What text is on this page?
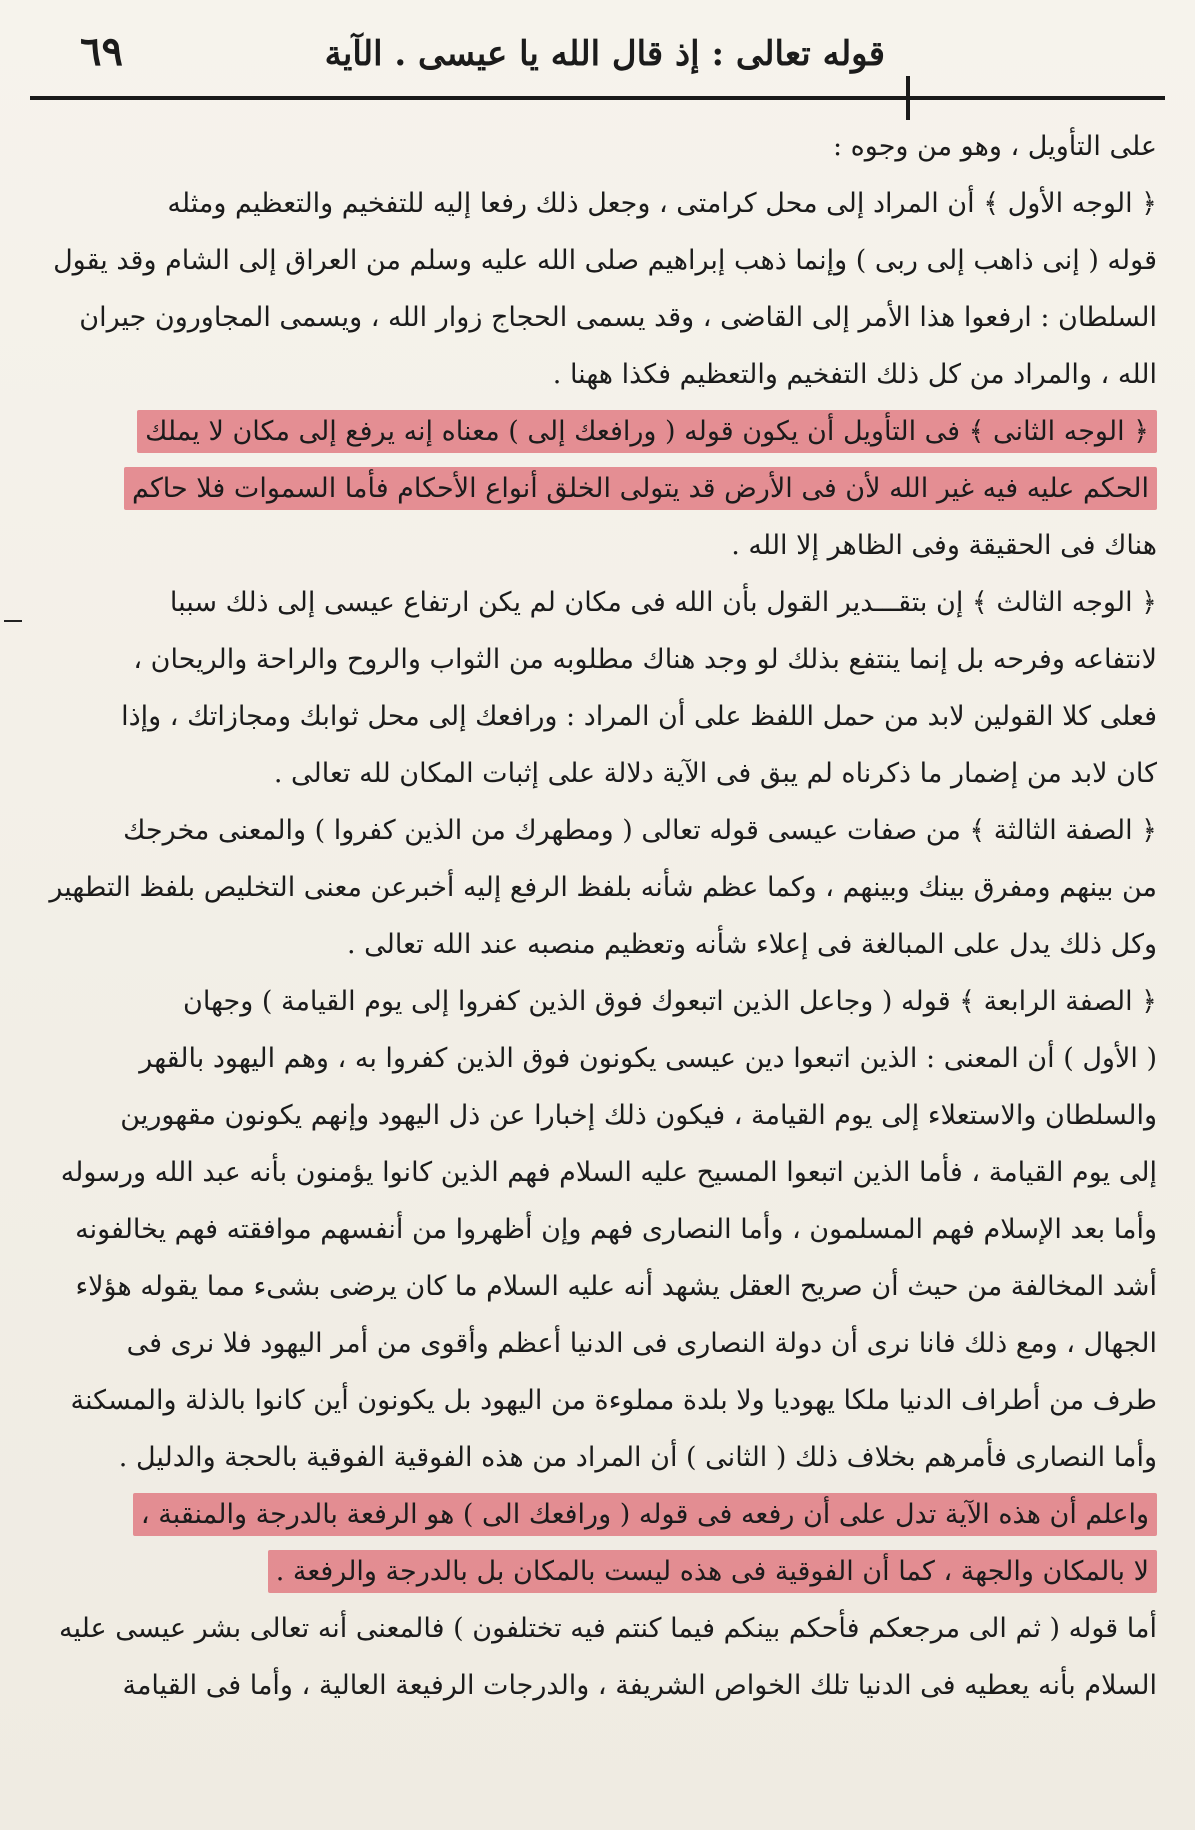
قوله تعالى : إذ قال الله يا عيسى . الآية
٦٩
على التأويل ، وهو من وجوه :
﴿ الوجه الأول ﴾ أن المراد إلى محل كرامتى ، وجعل ذلك رفعا إليه للتفخيم والتعظيم ومثله
قوله ( إنى ذاهب إلى ربى ) وإنما ذهب إبراهيم صلى الله عليه وسلم من العراق إلى الشام وقد يقول
السلطان : ارفعوا هذا الأمر إلى القاضى ، وقد يسمى الحجاج زوار الله ، ويسمى المجاورون جيران
الله ، والمراد من كل ذلك التفخيم والتعظيم فكذا ههنا .
﴿ الوجه الثانى ﴾ فى التأويل أن يكون قوله ( ورافعك إلى ) معناه إنه يرفع إلى مكان لا يملك
الحكم عليه فيه غير الله لأن فى الأرض قد يتولى الخلق أنواع الأحكام فأما السموات فلا حاكم
هناك فى الحقيقة وفى الظاهر إلا الله .
﴿ الوجه الثالث ﴾ إن بتقـــدير القول بأن الله فى مكان لم يكن ارتفاع عيسى إلى ذلك سببا
لانتفاعه وفرحه بل إنما ينتفع بذلك لو وجد هناك مطلوبه من الثواب والروح والراحة والريحان ،
فعلى كلا القولين لابد من حمل اللفظ على أن المراد : ورافعك إلى محل ثوابك ومجازاتك ، وإذا
كان لابد من إضمار ما ذكرناه لم يبق فى الآية دلالة على إثبات المكان لله تعالى .
﴿ الصفة الثالثة ﴾ من صفات عيسى قوله تعالى ( ومطهرك من الذين كفروا ) والمعنى مخرجك
من بينهم ومفرق بينك وبينهم ، وكما عظم شأنه بلفظ الرفع إليه أخبرعن معنى التخليص بلفظ التطهير
وكل ذلك يدل على المبالغة فى إعلاء شأنه وتعظيم منصبه عند الله تعالى .
﴿ الصفة الرابعة ﴾ قوله ( وجاعل الذين اتبعوك فوق الذين كفروا إلى يوم القيامة ) وجهان
( الأول ) أن المعنى : الذين اتبعوا دين عيسى يكونون فوق الذين كفروا به ، وهم اليهود بالقهر
والسلطان والاستعلاء إلى يوم القيامة ، فيكون ذلك إخبارا عن ذل اليهود وإنهم يكونون مقهورين
إلى يوم القيامة ، فأما الذين اتبعوا المسيح عليه السلام فهم الذين كانوا يؤمنون بأنه عبد الله ورسوله
وأما بعد الإسلام فهم المسلمون ، وأما النصارى فهم وإن أظهروا من أنفسهم موافقته فهم يخالفونه
أشد المخالفة من حيث أن صريح العقل يشهد أنه عليه السلام ما كان يرضى بشىء مما يقوله هؤلاء
الجهال ، ومع ذلك فانا نرى أن دولة النصارى فى الدنيا أعظم وأقوى من أمر اليهود فلا نرى فى
طرف من أطراف الدنيا ملكا يهوديا ولا بلدة مملوءة من اليهود بل يكونون أين كانوا بالذلة والمسكنة
وأما النصارى فأمرهم بخلاف ذلك ( الثانى ) أن المراد من هذه الفوقية الفوقية بالحجة والدليل .
واعلم أن هذه الآية تدل على أن رفعه فى قوله ( ورافعك الى ) هو الرفعة بالدرجة والمنقبة ،
لا بالمكان والجهة ، كما أن الفوقية فى هذه ليست بالمكان بل بالدرجة والرفعة .
أما قوله ( ثم الى مرجعكم فأحكم بينكم فيما كنتم فيه تختلفون ) فالمعنى أنه تعالى بشر عيسى عليه
السلام بأنه يعطيه فى الدنيا تلك الخواص الشريفة ، والدرجات الرفيعة العالية ، وأما فى القيامة
